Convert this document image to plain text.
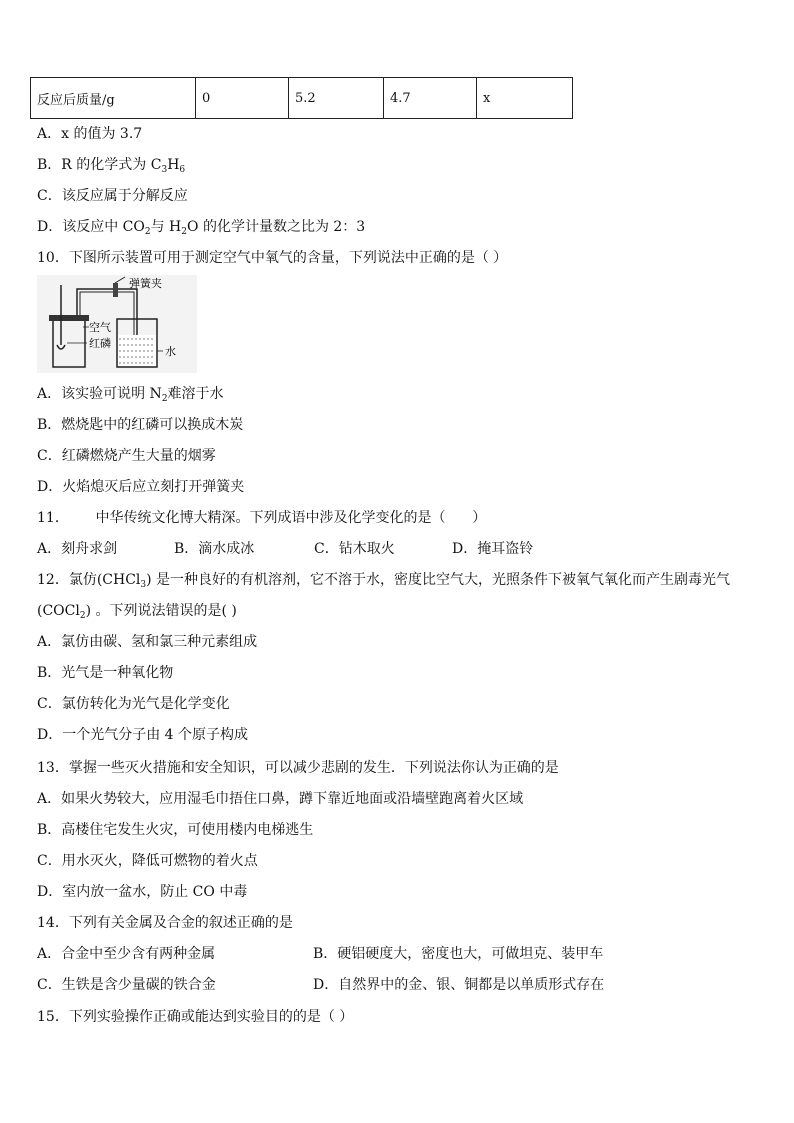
反应后质量/g	0	5.2	4.7	x
A．x 的值为 3.7
B．R 的化学式为 $C_3H_6$
C．该反应属于分解反应
D．该反应中 $CO_2$与 $H_2O$ 的化学计量数之比为 2：3
10．下图所示装置可用于测定空气中氧气的含量，下列说法中正确的是（ ）
弹簧夹
空气
红磷
水
A．该实验可说明 $N_2$难溶于水
B．燃烧匙中的红磷可以换成木炭
C．红磷燃烧产生大量的烟雾
D．火焰熄灭后应立刻打开弹簧夹
11．      中华传统文化博大精深。下列成语中涉及化学变化的是（      ）
A．刻舟求剑	B．滴水成冰	C．钻木取火	D．掩耳盗铃
12．氯仿(CHCl$_3$) 是一种良好的有机溶剂，它不溶于水，密度比空气大，光照条件下被氧气氧化而产生剧毒光气
(COCl$_2$) 。下列说法错误的是( )
A．氯仿由碳、氢和氯三种元素组成
B．光气是一种氧化物
C．氯仿转化为光气是化学变化
D．一个光气分子由 4 个原子构成
13．掌握一些灭火措施和安全知识，可以减少悲剧的发生．下列说法你认为正确的是
A．如果火势较大，应用湿毛巾捂住口鼻，蹲下靠近地面或沿墙壁跑离着火区域
B．高楼住宅发生火灾，可使用楼内电梯逃生
C．用水灭火，降低可燃物的着火点
D．室内放一盆水，防止 CO 中毒
14．下列有关金属及合金的叙述正确的是
A．合金中至少含有两种金属	B．硬铝硬度大，密度也大，可做坦克、装甲车
C．生铁是含少量碳的铁合金	D．自然界中的金、银、铜都是以单质形式存在
15．下列实验操作正确或能达到实验目的的是（ ）
